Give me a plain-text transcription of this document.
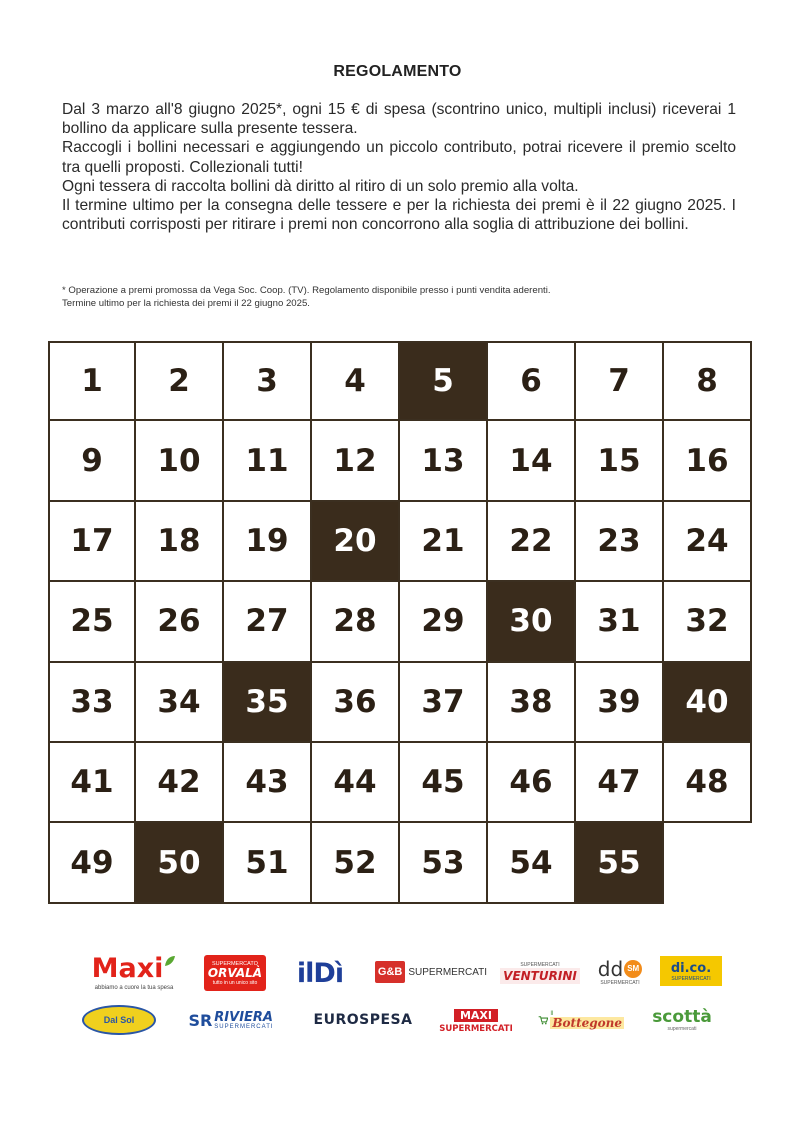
REGOLAMENTO

Dal 3 marzo all'8 giugno 2025*, ogni 15 € di spesa (scontrino unico, multipli inclusi) riceverai 1 bollino da applicare sulla presente tessera.

Raccogli i bollini necessari e aggiungendo un piccolo contributo, potrai ricevere il premio scelto tra quelli proposti. Collezionali tutti!

Ogni tessera di raccolta bollini dà diritto al ritiro di un solo premio alla volta.

Il termine ultimo per la consegna delle tessere e per la richiesta dei premi è il 22 giugno 2025. I contributi corrisposti per ritirare i premi non concorrono alla soglia di attribuzione dei bollini.

* Operazione a premi promossa da Vega Soc. Coop. (TV). Regolamento disponibile presso i punti vendita aderenti.

Termine ultimo per la richiesta dei premi il 22 giugno 2025.

1	2	3	4	5	6	7	8
9	10	11	12	13	14	15	16
17	18	19	20	21	22	23	24
25	26	27	28	29	30	31	32
33	34	35	36	37	38	39	40
41	42	43	44	45	46	47	48
49	50	51	52	53	54	55
Maxi
abbiamo a cuore la tua spesa
SUPERMERCATO
ORVALÀ
tutto in un unico sito ilDì	G&B SUPERMERCATI
SUPERMERCATI
VENTURINI dd SM
SUPERMERCATI
di.co.
SUPERMERCATI
Dal Sol	SR RIVIERA
SUPERMERCATI	EUROSPESA	MAXI
SUPERMERCATI
Il
Bottegone scottà
supermercati
